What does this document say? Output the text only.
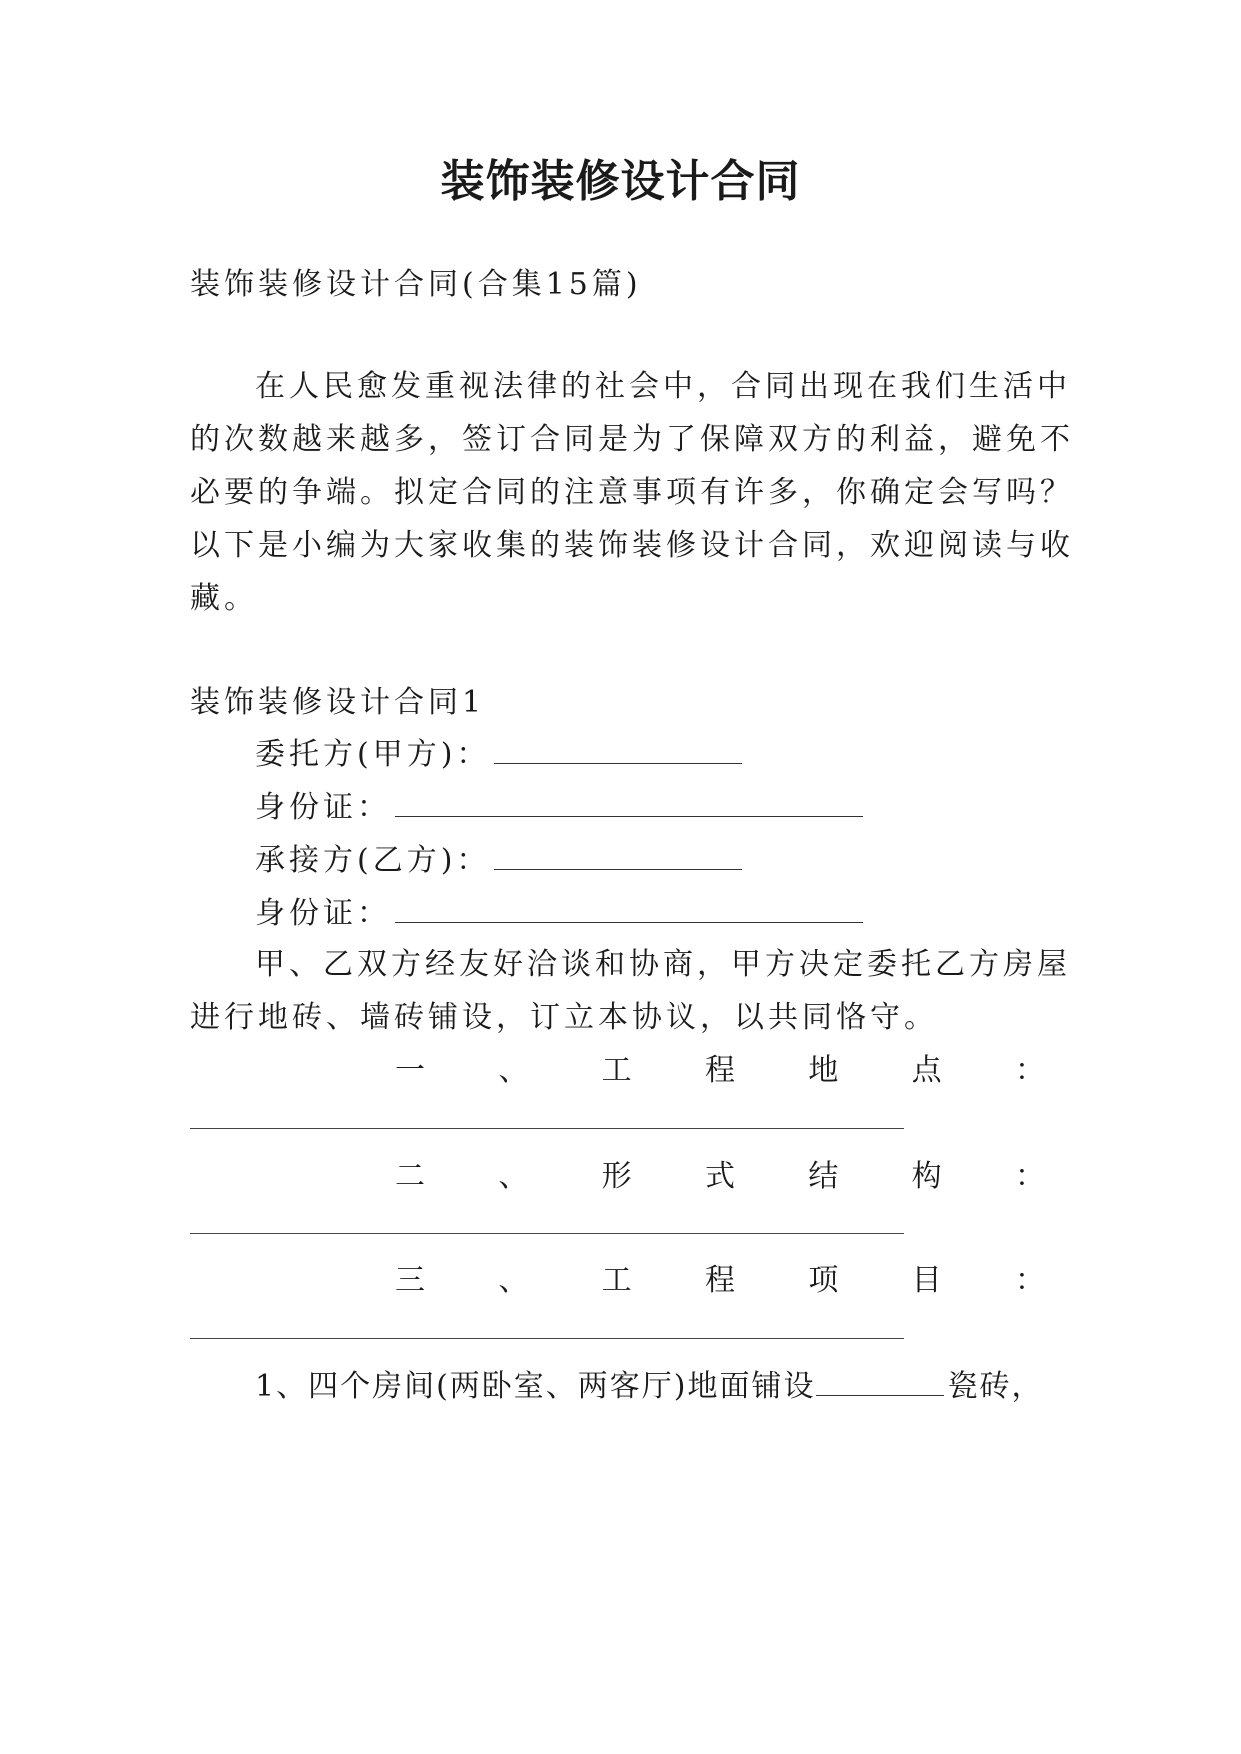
装饰装修设计合同
装饰装修设计合同(合集15篇)
在人民愈发重视法律的社会中，合同出现在我们生活中
的次数越来越多，签订合同是为了保障双方的利益，避免不
必要的争端。拟定合同的注意事项有许多，你确定会写吗？
以下是小编为大家收集的装饰装修设计合同，欢迎阅读与收
藏。
装饰装修设计合同1
委托方(甲方)：
身份证：
承接方(乙方)：
身份证：
甲、乙双方经友好洽谈和协商，甲方决定委托乙方房屋
进行地砖、墙砖铺设，订立本协议，以共同恪守。
一 、 工 程 地 点 ：
二 、 形 式 结 构 ：
三 、 工 程 项 目 ：
1、四个房间(两卧室、两客厅)地面铺设	瓷砖，
